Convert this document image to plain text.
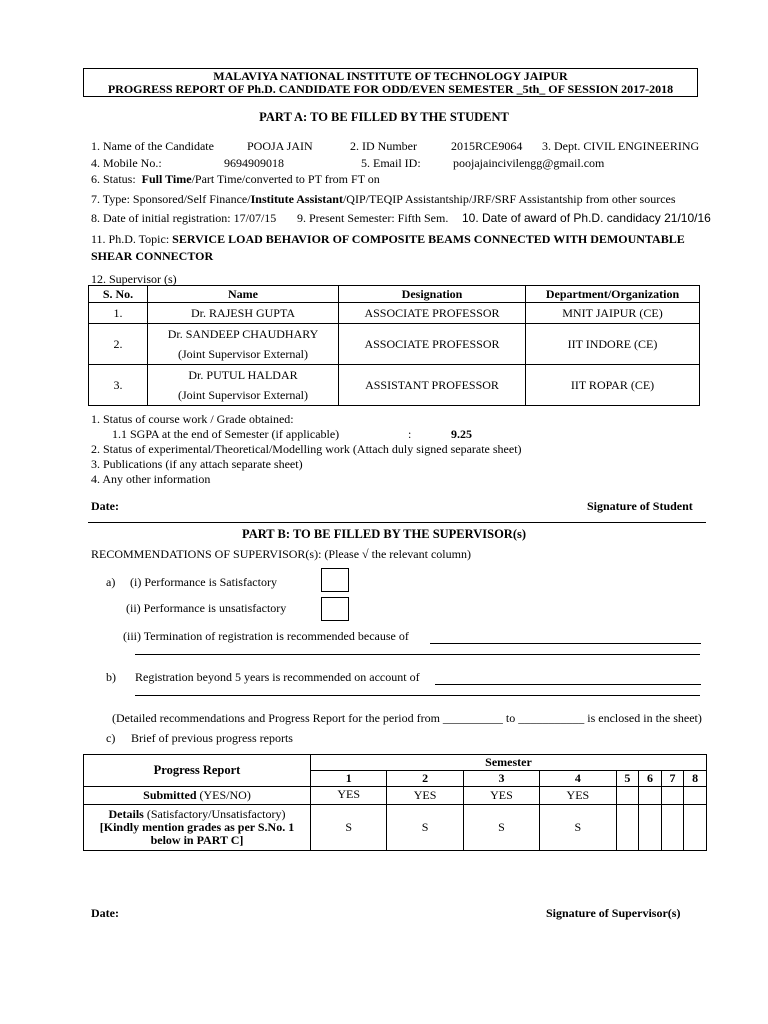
MALAVIYA NATIONAL INSTITUTE OF TECHNOLOGY JAIPUR
PROGRESS REPORT OF Ph.D. CANDIDATE FOR ODD/EVEN SEMESTER _5th_ OF SESSION 2017-2018
PART A: TO BE FILLED BY THE STUDENT
1. Name of the Candidate	POOJA JAIN	2. ID Number	2015RCE9064 3. Dept. CIVIL ENGINEERING
4. Mobile No.:	9694909018	5. Email ID:	poojajaincivilengg@gmail.com
6. Status: Full Time/Part Time/converted to PT from FT on
7. Type: Sponsored/Self Finance/Institute Assistant/QIP/TEQIP Assistantship/JRF/SRF Assistantship from other sources
8. Date of initial registration: 17/07/15 9. Present Semester: Fifth Sem. 10. Date of award of Ph.D. candidacy 21/10/16
11. Ph.D. Topic: SERVICE LOAD BEHAVIOR OF COMPOSITE BEAMS CONNECTED WITH DEMOUNTABLE
SHEAR CONNECTOR
12. Supervisor (s)
S. No.	Name	Designation	Department/Organization
1.	Dr. RAJESH GUPTA	ASSOCIATE PROFESSOR	MNIT JAIPUR (CE)
2.	Dr. SANDEEP CHAUDHARY
(Joint Supervisor External)	ASSOCIATE PROFESSOR	IIT INDORE (CE)
3.	Dr. PUTUL HALDAR
(Joint Supervisor External)	ASSISTANT PROFESSOR	IIT ROPAR (CE)
1. Status of course work / Grade obtained:
1.1 SGPA at the end of Semester (if applicable)	:	9.25
2. Status of experimental/Theoretical/Modelling work (Attach duly signed separate sheet)
3. Publications (if any attach separate sheet)
4. Any other information
Date:	Signature of Student
PART B: TO BE FILLED BY THE SUPERVISOR(s)
RECOMMENDATIONS OF SUPERVISOR(s): (Please √ the relevant column)
a) (i) Performance is Satisfactory
(ii) Performance is unsatisfactory
(iii) Termination of registration is recommended because of
b) Registration beyond 5 years is recommended on account of
(Detailed recommendations and Progress Report for the period from __________ to ___________ is enclosed in the sheet)
c) Brief of previous progress reports
Progress Report	Semester							
	1	2	3	4	5	6	7	8
Submitted (YES/NO)	YES	YES	YES	YES				

Details (Satisfactory/Unsatisfactory)
[Kindly mention grades as per S.No. 1
below in PART C]	S	S	S	S				
Date:	Signature of Supervisor(s)
